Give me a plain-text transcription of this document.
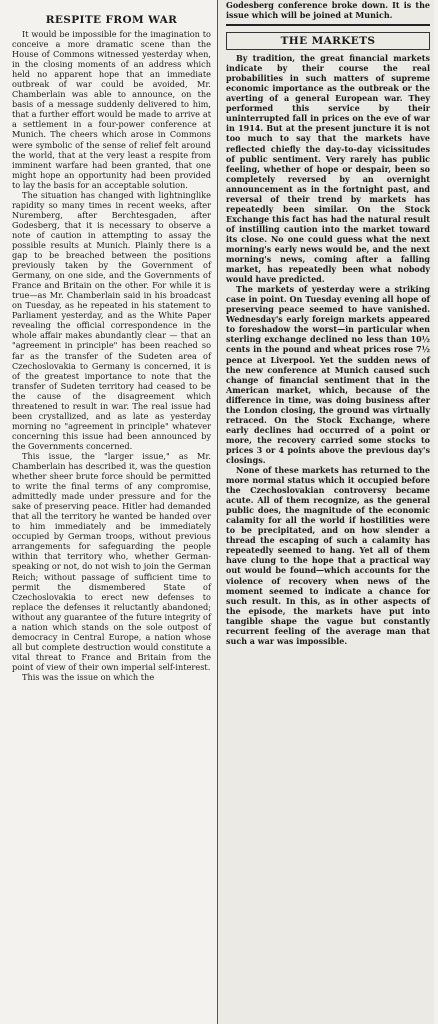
RESPITE FROM WAR

It would be impossible for the imagination to conceive a more dramatic scene than the House of Commons witnessed yesterday when, in the closing moments of an address which held no apparent hope that an immediate outbreak of war could be avoided, Mr. Chamberlain was able to announce, on the basis of a message suddenly delivered to him, that a further effort would be made to arrive at a settlement in a four-power conference at Munich. The cheers which arose in Commons were symbolic of the sense of relief felt around the world, that at the very least a respite from imminent warfare had been granted, that one might hope an opportunity had been provided to lay the basis for an acceptable solution.

The situation has changed with lightninglike rapidity so many times in recent weeks, after Nuremberg, after Berchtesgaden, after Godesberg, that it is necessary to observe a note of caution in attempting to assay the possible results at Munich. Plainly there is a gap to be breached between the positions previously taken by the Government of Germany, on one side, and the Governments of France and Britain on the other. For while it is true—as Mr. Chamberlain said in his broadcast on Tuesday, as he repeated in his statement to Parliament yesterday, and as the White Paper revealing the official correspondence in the whole affair makes abundantly clear — that an "agreement in principle" has been reached so far as the transfer of the Sudeten area of Czechoslovakia to Germany is concerned, it is of the greatest importance to note that the transfer of Sudeten territory had ceased to be the cause of the disagreement which threatened to result in war. The real issue had been crystallized, and as late as yesterday morning no "agreement in principle" whatever concerning this issue had been announced by the Governments concerned.

This issue, the "larger issue," as Mr. Chamberlain has described it, was the question whether sheer brute force should be permitted to write the final terms of any compromise, admittedly made under pressure and for the sake of preserving peace. Hitler had demanded that all the territory he wanted be handed over to him immediately and be immediately occupied by German troops, without previous arrangements for safeguarding the people within that territory who, whether German-speaking or not, do not wish to join the German Reich; without passage of sufficient time to permit the dismembered State of Czechoslovakia to erect new defenses to replace the defenses it reluctantly abandoned; without any guarantee of the future integrity of a nation which stands on the sole outpost of democracy in Central Europe, a nation whose all but complete destruction would constitute a vital threat to France and Britain from the point of view of their own imperial self-interest.

This was the issue on which the

Godesberg conference broke down. It is the issue which will be joined at Munich.

THE MARKETS

By tradition, the great financial markets indicate by their course the real probabilities in such matters of supreme economic importance as the outbreak or the averting of a general European war. They performed this service by their uninterrupted fall in prices on the eve of war in 1914. But at the present juncture it is not too much to say that the markets have reflected chiefly the day-to-day vicissitudes of public sentiment. Very rarely has public feeling, whether of hope or despair, been so completely reversed by an overnight announcement as in the fortnight past, and reversal of their trend by markets has repeatedly been similar. On the Stock Exchange this fact has had the natural result of instilling caution into the market toward its close. No one could guess what the next morning's early news would be, and the next morning's news, coming after a falling market, has repeatedly been what nobody would have predicted.

The markets of yesterday were a striking case in point. On Tuesday evening all hope of preserving peace seemed to have vanished. Wednesday's early foreign markets appeared to foreshadow the worst—in particular when sterling exchange declined no less than 10½ cents in the pound and wheat prices rose 7½ pence at Liverpool. Yet the sudden news of the new conference at Munich caused such change of financial sentiment that in the American market, which, because of the difference in time, was doing business after the London closing, the ground was virtually retraced. On the Stock Exchange, where early declines had occurred of a point or more, the recovery carried some stocks to prices 3 or 4 points above the previous day's closings.

None of these markets has returned to the more normal status which it occupied before the Czechoslovakian controversy became acute. All of them recognize, as the general public does, the magnitude of the economic calamity for all the world if hostilities were to be precipitated, and on how slender a thread the escaping of such a calamity has repeatedly seemed to hang. Yet all of them have clung to the hope that a practical way out would be found—which accounts for the violence of recovery when news of the moment seemed to indicate a chance for such result. In this, as in other aspects of the episode, the markets have put into tangible shape the vague but constantly recurrent feeling of the average man that such a war was impossible.
